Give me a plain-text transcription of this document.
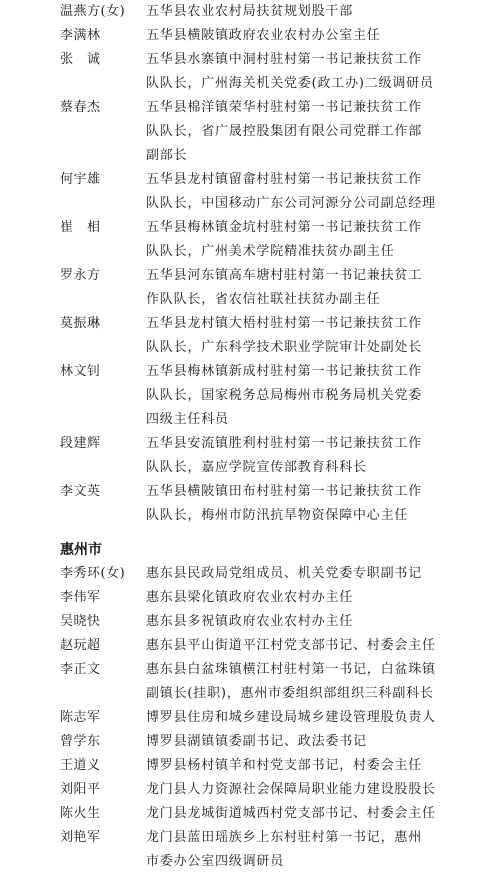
温燕方(女)	五华县农业农村局扶贫规划股干部
李满林	五华县横陂镇政府农业农村办公室主任
张　诚	五华县水寨镇中洞村驻村第一书记兼扶贫工作
队队长，广州海关机关党委(政工办)二级调研员
蔡春杰	五华县棉洋镇荣华村驻村第一书记兼扶贫工作
队队长，省广晟控股集团有限公司党群工作部
副部长
何宇雄	五华县龙村镇留畲村驻村第一书记兼扶贫工作
队队长，中国移动广东公司河源分公司副总经理
崔　相	五华县梅林镇金坑村驻村第一书记兼扶贫工作
队队长，广州美术学院精准扶贫办副主任
罗永方	五华县河东镇高车塘村驻村第一书记兼扶贫工
作队队长，省农信社联社扶贫办副主任
莫振琳	五华县龙村镇大梧村驻村第一书记兼扶贫工作
队队长，广东科学技术职业学院审计处副处长
林文钊	五华县梅林镇新成村驻村第一书记兼扶贫工作
队队长，国家税务总局梅州市税务局机关党委
四级主任科员
段建辉	五华县安流镇胜利村驻村第一书记兼扶贫工作
队队长，嘉应学院宣传部教育科科长
李文英	五华县横陂镇田布村驻村第一书记兼扶贫工作
队队长，梅州市防汛抗旱物资保障中心主任
惠州市
李秀环(女)	惠东县民政局党组成员、机关党委专职副书记
李伟军	惠东县梁化镇政府农业农村办主任
吴晓快	惠东县多祝镇政府农业农村办主任
赵玩超	惠东县平山街道平江村党支部书记、村委会主任
李正文	惠东县白盆珠镇横江村驻村第一书记，白盆珠镇
副镇长(挂职)，惠州市委组织部组织三科副科长
陈志军	博罗县住房和城乡建设局城乡建设管理股负责人
曾学东	博罗县湖镇镇委副书记、政法委书记
王道义	博罗县杨村镇羊和村党支部书记，村委会主任
刘阳平	龙门县人力资源社会保障局职业能力建设股股长
陈火生	龙门县龙城街道城西村党支部书记、村委会主任
刘艳军	龙门县蓝田瑶族乡上东村驻村第一书记，惠州
市委办公室四级调研员
